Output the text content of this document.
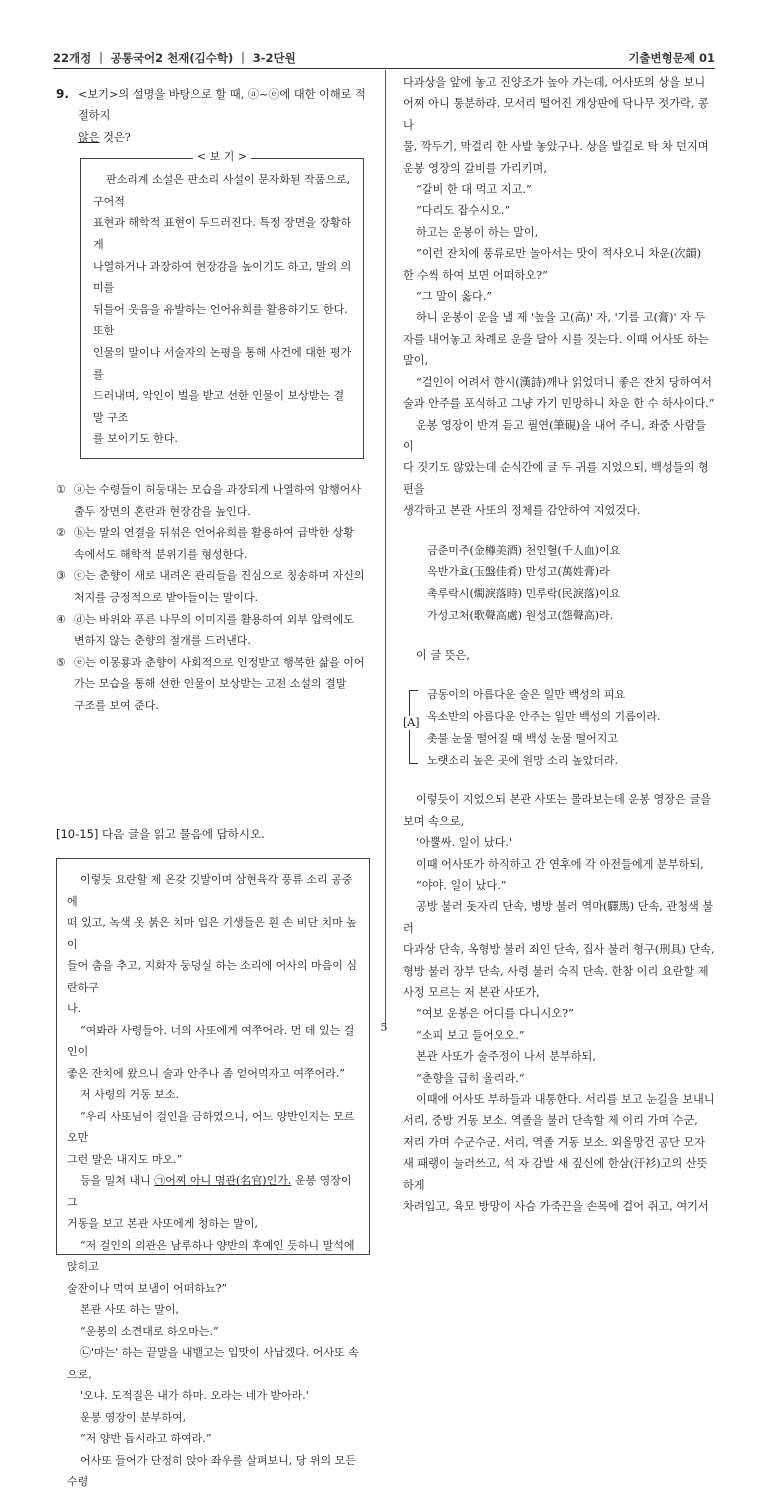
22개정 ｜ 공통국어2 천재(김수학) ｜ 3-2단원	기출변형문제 01
9. <보기>의 설명을 바탕으로 할 때, ⓐ~ⓔ에 대한 이해로 적절하지

않은 것은?

< 보 기 >

판소리계 소설은 판소리 사설이 문자화된 작품으로, 구어적

표현과 해학적 표현이 두드러진다. 특정 장면을 장황하게

나열하거나 과장하여 현장감을 높이기도 하고, 말의 의미를

뒤틀어 웃음을 유발하는 언어유희를 활용하기도 한다. 또한

인물의 말이나 서술자의 논평을 통해 사건에 대한 평가를

드러내며, 악인이 벌을 받고 선한 인물이 보상받는 결말 구조

를 보이기도 한다.

① ⓐ는 수령들이 허둥대는 모습을 과장되게 나열하여 암행어사

출두 장면의 혼란과 현장감을 높인다.

② ⓑ는 말의 연결을 뒤섞은 언어유희를 활용하여 급박한 상황

속에서도 해학적 분위기를 형성한다.

③ ⓒ는 춘향이 새로 내려온 관리들을 진심으로 칭송하며 자신의

처지를 긍정적으로 받아들이는 말이다.

④ ⓓ는 바위와 푸른 나무의 이미지를 활용하여 외부 압력에도

변하지 않는 춘향의 절개를 드러낸다.

⑤ ⓔ는 이몽룡과 춘향이 사회적으로 인정받고 행복한 삶을 이어

가는 모습을 통해 선한 인물이 보상받는 고전 소설의 결말

구조를 보여 준다.

[10-15] 다음 글을 읽고 물음에 답하시오.

이렇듯 요란할 제 온갖 깃발이며 삼현육각 풍류 소리 공중에

떠 있고, 녹색 옷 붉은 치마 입은 기생들은 흰 손 비단 치마 높이

들어 춤을 추고, 지화자 둥덩실 하는 소리에 어사의 마음이 심란하구

나.

“여봐라 사령들아. 너의 사또에게 여쭈어라. 먼 데 있는 걸인이

좋은 잔치에 왔으니 술과 안주나 좀 얻어먹자고 여쭈어라.”

저 사령의 거동 보소.

“우리 사또님이 걸인을 금하였으니, 어느 양반인지는 모르오만

그런 말은 내지도 마오.”

등을 밀쳐 내니 ㉠어찌 아니 명관(名官)인가. 운봉 영장이 그

거동을 보고 본관 사또에게 청하는 말이,

“저 걸인의 의관은 남루하나 양반의 후예인 듯하니 말석에 앉히고

술잔이나 먹여 보냄이 어떠하뇨?”

본관 사또 하는 말이,

“운봉의 소견대로 하오마는.”

㉡'마는' 하는 끝말을 내뱉고는 입맛이 사납겠다. 어사또 속으로,

'오냐. 도적질은 내가 하마. 오라는 네가 받아라.'

운봉 영장이 분부하여,

“저 양반 듭시라고 하여라.”

어사또 들어가 단정히 앉아 좌우를 살펴보니, 당 위의 모든 수령

다과상을 앞에 놓고 진양조가 높아 가는데, 어사또의 상을 보니

어찌 아니 통분하랴. 모서리 떨어진 개상판에 닥나무 젓가락, 콩나

물, 깍두기, 막걸리 한 사발 놓았구나. 상을 발길로 탁 차 던지며

운봉 영장의 갈비를 가리키며,

“갈비 한 대 먹고 지고.”

“다리도 잡수시오.”

하고는 운봉이 하는 말이,

“이런 잔치에 풍류로만 놀아서는 맛이 적사오니 차운(次韻)

한 수씩 하여 보면 어떠하오?”

“그 말이 옳다.”

하니 운봉이 운을 낼 제 '높을 고(高)' 자, '기름 고(膏)' 자 두

자를 내어놓고 차례로 운을 달아 시를 짓는다. 이때 어사또 하는

말이,

“걸인이 어려서 한시(漢詩)깨나 읽었더니 좋은 잔치 당하여서

술과 안주를 포식하고 그냥 가기 민망하니 차운 한 수 하사이다.”

운봉 영장이 반겨 듣고 필연(筆硯)을 내어 주니, 좌중 사람들이

다 짓기도 않았는데 순식간에 글 두 귀를 지었으되, 백성들의 형편을

생각하고 본관 사또의 정체를 감안하여 지었것다.

금준미주(金樽美酒) 천인혈(千人血)이요

옥반가효(玉盤佳肴) 만성고(萬姓膏)라

촉루락시(燭淚落時) 민루락(民淚落)이요

가성고처(歌聲高處) 원성고(怨聲高)라.

이 글 뜻은,

[A]

금동이의 아름다운 술은 일만 백성의 피요

옥소반의 아름다운 안주는 일만 백성의 기름이라.

촛불 눈물 떨어질 때 백성 눈물 떨어지고

노랫소리 높은 곳에 원망 소리 높았더라.

이렇듯이 지었으되 본관 사또는 몰라보는데 운봉 영장은 글을

보며 속으로,

'아뿔싸. 일이 났다.'

이때 어사또가 하직하고 간 연후에 각 아전들에게 분부하되,

“야야. 일이 났다.”

공방 불러 돗자리 단속, 병방 불러 역마(驛馬) 단속, 관청색 불러

다과상 단속, 옥형방 불러 죄인 단속, 집사 불러 형구(刑具) 단속,

형방 불러 장부 단속, 사령 불러 숙직 단속. 한참 이리 요란할 제

사정 모르는 저 본관 사또가,

“여보 운봉은 어디를 다니시오?”

“소피 보고 들어오오.”

본관 사또가 술주정이 나서 분부하되,

“춘향을 급히 올리라.”

이때에 어사또 부하들과 내통한다. 서리를 보고 눈길을 보내니

서리, 중방 거동 보소. 역졸을 불러 단속할 제 이리 가며 수군,

저리 가며 수군수군. 서리, 역졸 거동 보소. 외올망건 공단 모자

새 패랭이 눌러쓰고, 석 자 감발 새 짚신에 한삼(汗衫)고의 산뜻하게

차려입고, 육모 방망이 사슴 가죽끈을 손목에 걸어 쥐고, 여기서

5
